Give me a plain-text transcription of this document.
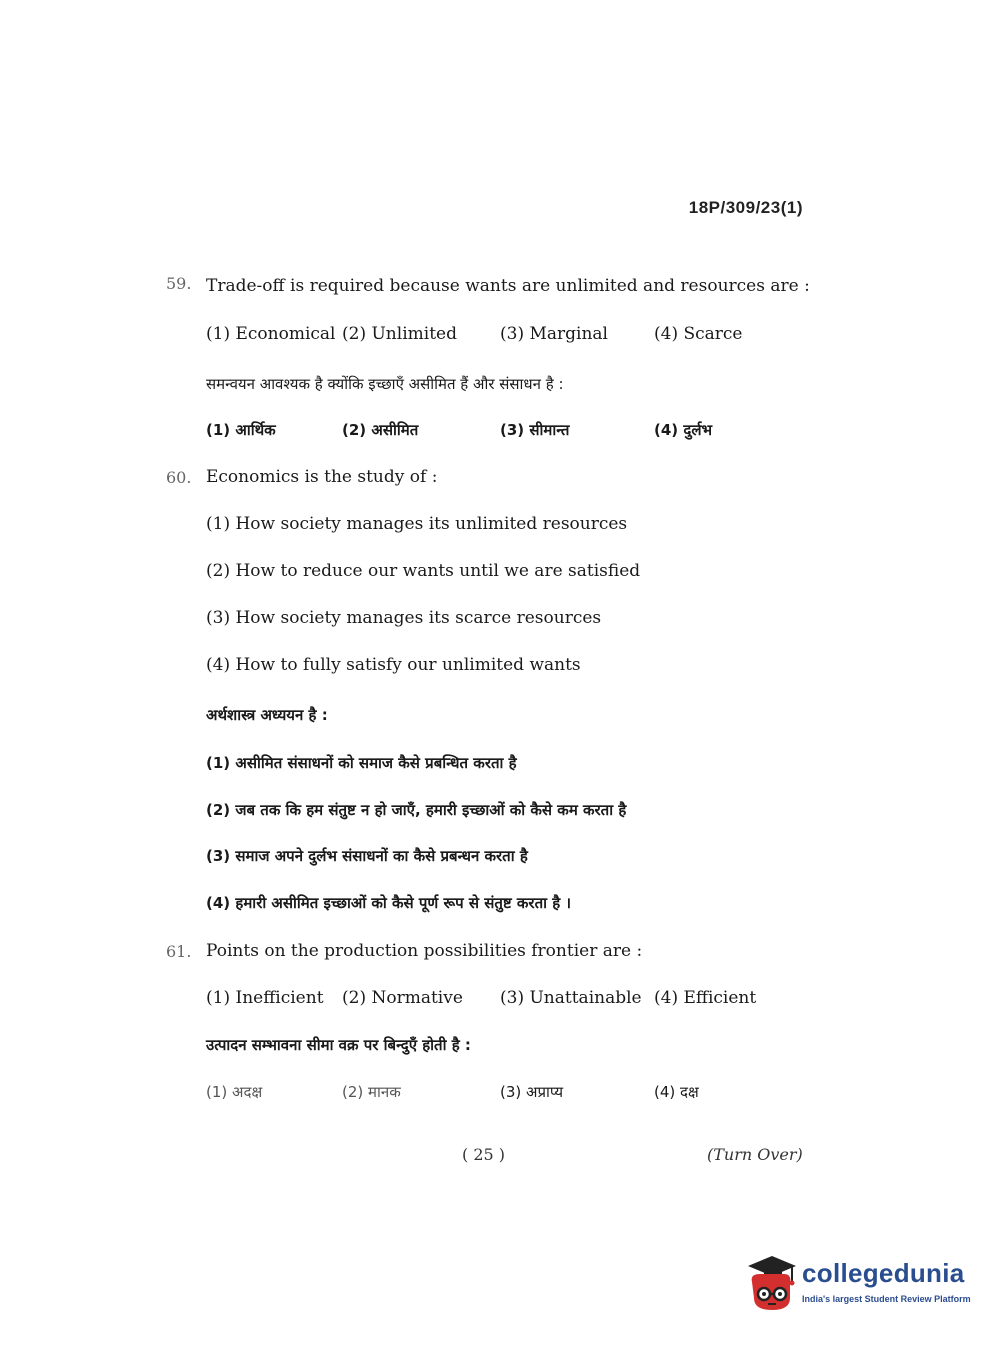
18P/309/23(1)
59. Trade-off is required because wants are unlimited and resources are :
(1) Economical (2) Unlimited	(3) Marginal	(4) Scarce
समन्वयन आवश्यक है क्योंकि इच्छाएँ असीमित हैं और संसाधन है :
(1) आर्थिक	(2) असीमित	(3) सीमान्त	(4) दुर्लभ
60. Economics is the study of :
(1) How society manages its unlimited resources
(2) How to reduce our wants until we are satisfied
(3) How society manages its scarce resources
(4) How to fully satisfy our unlimited wants
अर्थशास्त्र अध्ययन है :
(1) असीमित संसाधनों को समाज कैसे प्रबन्धित करता है
(2) जब तक कि हम संतुष्ट न हो जाएँ, हमारी इच्छाओं को कैसे कम करता है
(3) समाज अपने दुर्लभ संसाधनों का कैसे प्रबन्धन करता है
(4) हमारी असीमित इच्छाओं को कैसे पूर्ण रूप से संतुष्ट करता है ।
61. Points on the production possibilities frontier are :
(1) Inefficient (2) Normative (3) Unattainable (4) Efficient
उत्पादन सम्भावना सीमा वक्र पर बिन्दुएँ होती है :
(1) अदक्ष	(2) मानक	(3) अप्राप्य	(4) दक्ष
( 25 )	(Turn Over)
collegedunia
India's largest Student Review Platform
